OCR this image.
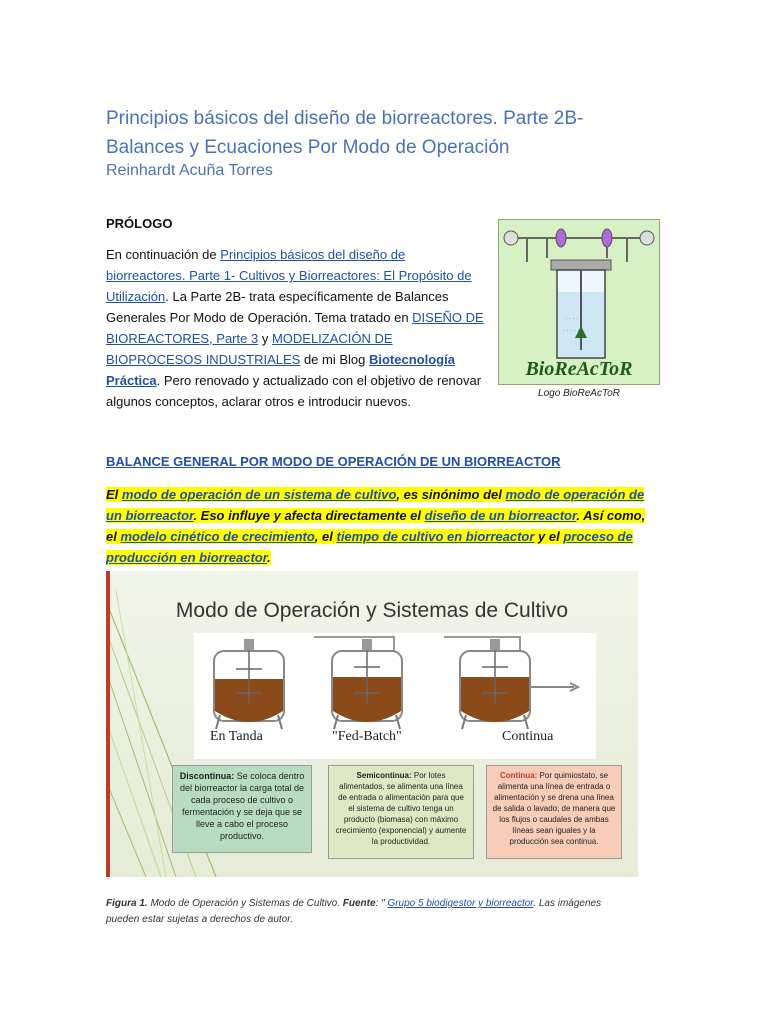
Principios básicos del diseño de biorreactores. Parte 2B- Balances y Ecuaciones Por Modo de Operación
Reinhardt Acuña Torres
PRÓLOGO
En continuación de Principios básicos del diseño de biorreactores. Parte 1- Cultivos y Biorreactores: El Propósito de Utilización. La Parte 2B- trata específicamente de Balances Generales Por Modo de Operación. Tema tratado en DISEÑO DE BIOREACTORES, Parte 3 y MODELIZACIÓN DE BIOPROCESOS INDUSTRIALES de mi Blog Biotecnología Práctica. Pero renovado y actualizado con el objetivo de renovar algunos conceptos, aclarar otros e introducir nuevos.
· · · ·
· · · · ·
BioReAcToR
Logo BioReAcToR
BALANCE GENERAL POR MODO DE OPERACIÓN DE UN BIORREACTOR
El modo de operación de un sistema de cultivo, es sinónimo del modo de operación de un biorreactor. Eso influye y afecta directamente el diseño de un biorreactor. Así como, el modelo cinético de crecimiento, el tiempo de cultivo en biorreactor y el proceso de producción en biorreactor.
Modo de Operación y Sistemas de Cultivo
En Tanda	"Fed-Batch"	Continua
Discontinua: Se coloca dentro del biorreactor la carga total de cada proceso de cultivo o fermentación y se deja que se lleve a cabo el proceso productivo.
Semicontinua: Por lotes alimentados, se alimenta una línea de entrada o alimentación para que el sistema de cultivo tenga un producto (biomasa) con máximo crecimiento (exponencial) y aumente la productividad.
Continua: Por quimiostato, se alimenta una línea de entrada o alimentación y se drena una línea de salida o lavado; de manera que los flujos o caudales de ambas líneas sean iguales y la producción sea continua.
Figura 1. Modo de Operación y Sistemas de Cultivo. Fuente: " Grupo 5 biodigestor y biorreactor. Las imágenes pueden estar sujetas a derechos de autor.
